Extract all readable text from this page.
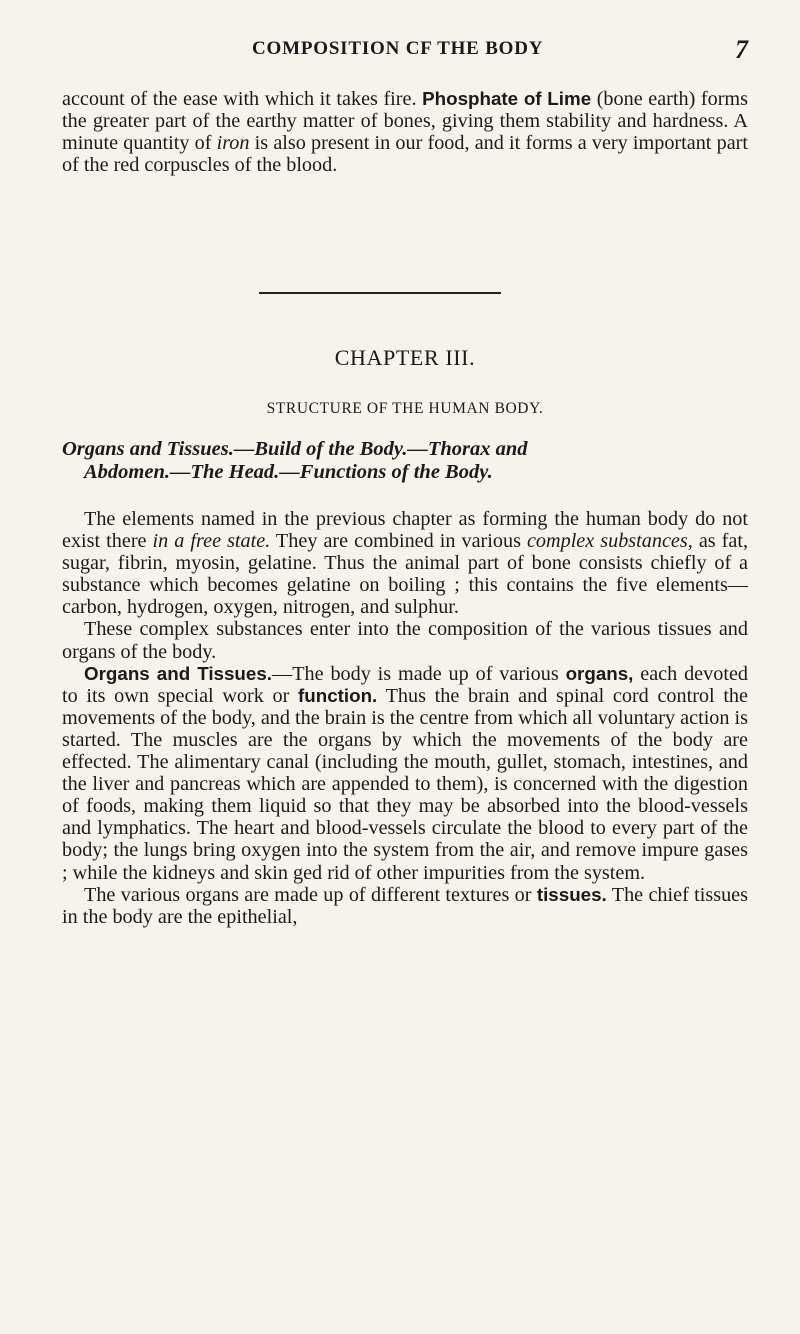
COMPOSITION CF THE BODY	7

account of the ease with which it takes fire. Phosphate of Lime (bone earth) forms the greater part of the earthy matter of bones, giving them stability and hardness. A minute quantity of iron is also present in our food, and it forms a very important part of the red corpuscles of the blood.

CHAPTER III.
STRUCTURE OF THE HUMAN BODY.
Organs and Tissues.—Build of the Body.—Thorax and
Abdomen.—The Head.—Functions of the Body.

The elements named in the previous chapter as forming the human body do not exist there in a free state. They are combined in various complex substances, as fat, sugar, fibrin, myosin, gelatine. Thus the animal part of bone consists chiefly of a substance which becomes gelatine on boiling ; this contains the five elements—carbon, hydrogen, oxygen, nitrogen, and sulphur.

These complex substances enter into the composition of the various tissues and organs of the body.

Organs and Tissues.—The body is made up of various organs, each devoted to its own special work or function. Thus the brain and spinal cord control the movements of the body, and the brain is the centre from which all voluntary action is started. The muscles are the organs by which the movements of the body are effected. The alimentary canal (including the mouth, gullet, stomach, intestines, and the liver and pancreas which are appended to them), is concerned with the digestion of foods, making them liquid so that they may be absorbed into the blood-vessels and lymphatics. The heart and blood-vessels circulate the blood to every part of the body; the lungs bring oxygen into the system from the air, and remove impure gases ; while the kidneys and skin ged rid of other impurities from the system.

The various organs are made up of different textures or tissues. The chief tissues in the body are the epithelial,
